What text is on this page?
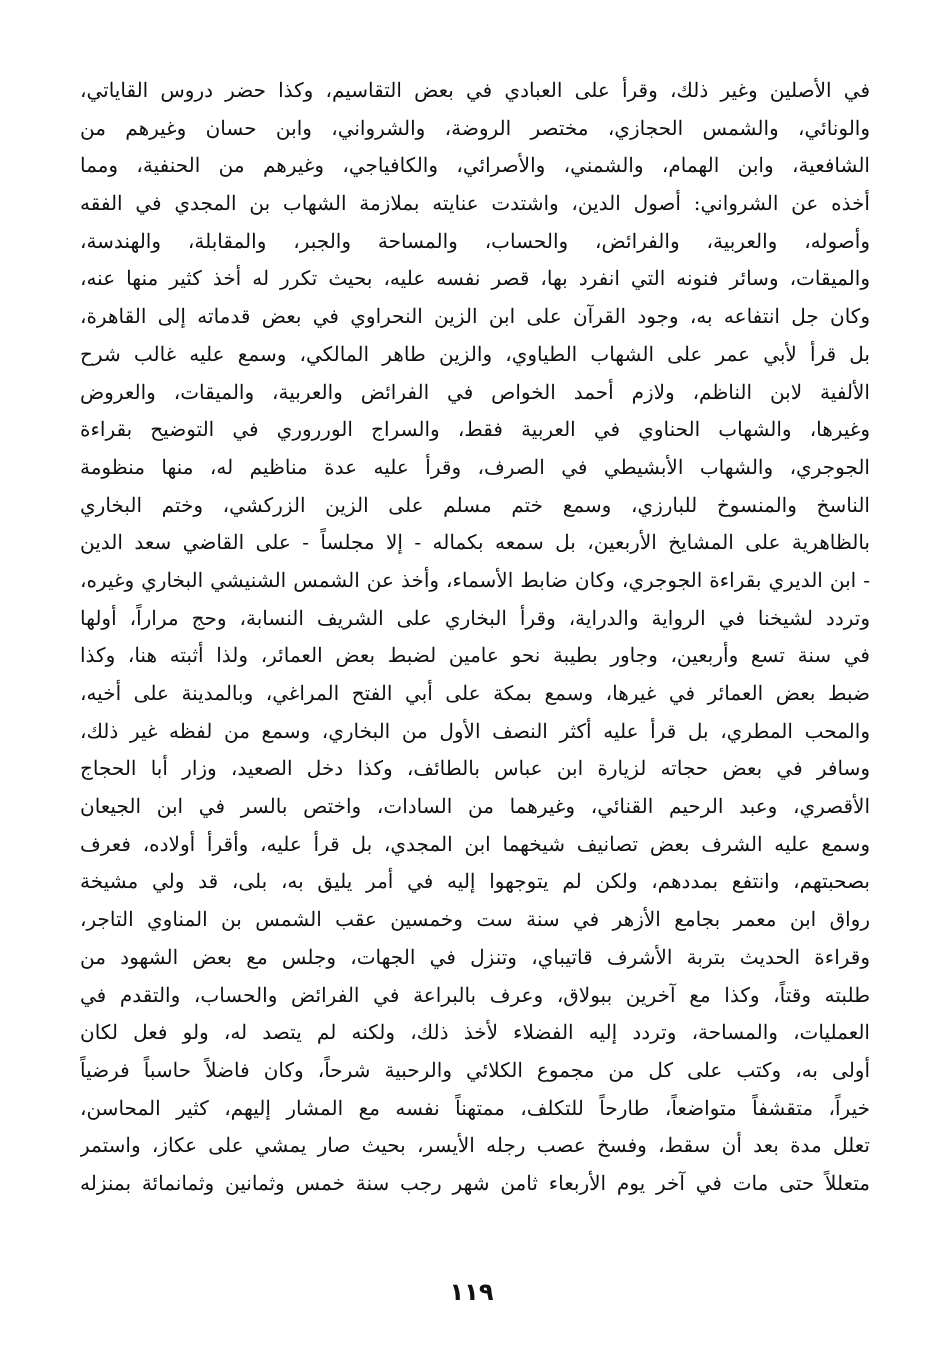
في الأصلين وغير ذلك، وقرأ على العبادي في بعض التقاسيم، وكذا حضر دروس القاياتي،
والونائي، والشمس الحجازي، مختصر الروضة، والشرواني، وابن حسان وغيرهم من
الشافعية، وابن الهمام، والشمني، والأصرائي، والكافياجي، وغيرهم من الحنفية، ومما
أخذه عن الشرواني: أصول الدين، واشتدت عنايته بملازمة الشهاب بن المجدي في الفقه
وأصوله، والعربية، والفرائض، والحساب، والمساحة والجبر، والمقابلة، والهندسة،
والميقات، وسائر فنونه التي انفرد بها، قصر نفسه عليه، بحيث تكرر له أخذ كثير منها عنه،
وكان جل انتفاعه به، وجود القرآن على ابن الزين النحراوي في بعض قدماته إلى القاهرة،
بل قرأ لأبي عمر على الشهاب الطياوي، والزين طاهر المالكي، وسمع عليه غالب شرح
الألفية لابن الناظم، ولازم أحمد الخواص في الفرائض والعربية، والميقات، والعروض
وغيرها، والشهاب الحناوي في العربية فقط، والسراج الورروري في التوضيح بقراءة
الجوجري، والشهاب الأبشيطي في الصرف، وقرأ عليه عدة مناظيم له، منها منظومة
الناسخ والمنسوخ للبارزي، وسمع ختم مسلم على الزين الزركشي، وختم البخاري
بالظاهرية على المشايخ الأربعين، بل سمعه بكماله - إلا مجلساً - على القاضي سعد الدين
- ابن الديري بقراءة الجوجري، وكان ضابط الأسماء، وأخذ عن الشمس الشنيشي البخاري وغيره،
وتردد لشيخنا في الرواية والدراية، وقرأ البخاري على الشريف النسابة، وحج مراراً، أولها
في سنة تسع وأربعين، وجاور بطيبة نحو عامين لضبط بعض العمائر، ولذا أثبته هنا، وكذا
ضبط بعض العمائر في غيرها، وسمع بمكة على أبي الفتح المراغي، وبالمدينة على أخيه،
والمحب المطري، بل قرأ عليه أكثر النصف الأول من البخاري، وسمع من لفظه غير ذلك،
وسافر في بعض حجاته لزيارة ابن عباس بالطائف، وكذا دخل الصعيد، وزار أبا الحجاج
الأقصري، وعبد الرحيم القنائي، وغيرهما من السادات، واختص بالسر في ابن الجيعان
وسمع عليه الشرف بعض تصانيف شيخهما ابن المجدي، بل قرأ عليه، وأقرأ أولاده، فعرف
بصحبتهم، وانتفع بمددهم، ولكن لم يتوجهوا إليه في أمر يليق به، بلى، قد ولي مشيخة
رواق ابن معمر بجامع الأزهر في سنة ست وخمسين عقب الشمس بن المناوي التاجر،
وقراءة الحديث بتربة الأشرف قاتيباي، وتنزل في الجهات، وجلس مع بعض الشهود من
طلبته وقتاً، وكذا مع آخرين ببولاق، وعرف بالبراعة في الفرائض والحساب، والتقدم في
العمليات، والمساحة، وتردد إليه الفضلاء لأخذ ذلك، ولكنه لم يتصد له، ولو فعل لكان
أولى به، وكتب على كل من مجموع الكلائي والرحبية شرحاً، وكان فاضلاً حاسباً فرضياً
خيراً، متقشفاً متواضعاً، طارحاً للتكلف، ممتهناً نفسه مع المشار إليهم، كثير المحاسن،
تعلل مدة بعد أن سقط، وفسخ عصب رجله الأيسر، بحيث صار يمشي على عكاز، واستمر
متعللاً حتى مات في آخر يوم الأربعاء ثامن شهر رجب سنة خمس وثمانين وثمانمائة بمنزله
١١٩
